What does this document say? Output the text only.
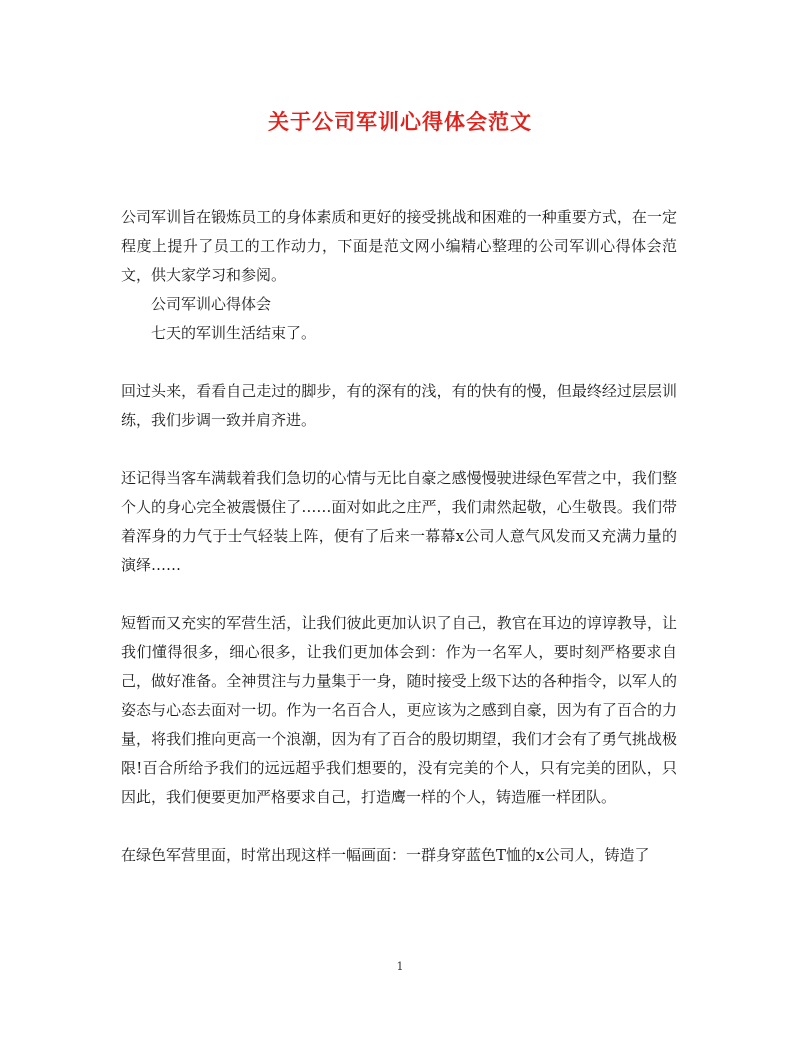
关于公司军训心得体会范文

公司军训旨在锻炼员工的身体素质和更好的接受挑战和困难的一种重要方式，在一定程度上提升了员工的工作动力，下面是范文网小编精心整理的公司军训心得体会范文，供大家学习和参阅。

公司军训心得体会

七天的军训生活结束了。

回过头来，看看自己走过的脚步，有的深有的浅，有的快有的慢，但最终经过层层训练，我们步调一致并肩齐进。

还记得当客车满载着我们急切的心情与无比自豪之感慢慢驶进绿色军营之中，我们整个人的身心完全被震慑住了……面对如此之庄严，我们肃然起敬，心生敬畏。我们带着浑身的力气于士气轻装上阵，便有了后来一幕幕x公司人意气风发而又充满力量的演绎……

短暂而又充实的军营生活，让我们彼此更加认识了自己，教官在耳边的谆谆教导，让我们懂得很多，细心很多，让我们更加体会到：作为一名军人，要时刻严格要求自己，做好准备。全神贯注与力量集于一身，随时接受上级下达的各种指令，以军人的姿态与心态去面对一切。作为一名百合人，更应该为之感到自豪，因为有了百合的力量，将我们推向更高一个浪潮，因为有了百合的殷切期望，我们才会有了勇气挑战极限!百合所给予我们的远远超乎我们想要的，没有完美的个人，只有完美的团队，只因此，我们便要更加严格要求自己，打造鹰一样的个人，铸造雁一样团队。

在绿色军营里面，时常出现这样一幅画面：一群身穿蓝色T恤的x公司人，铸造了

1
